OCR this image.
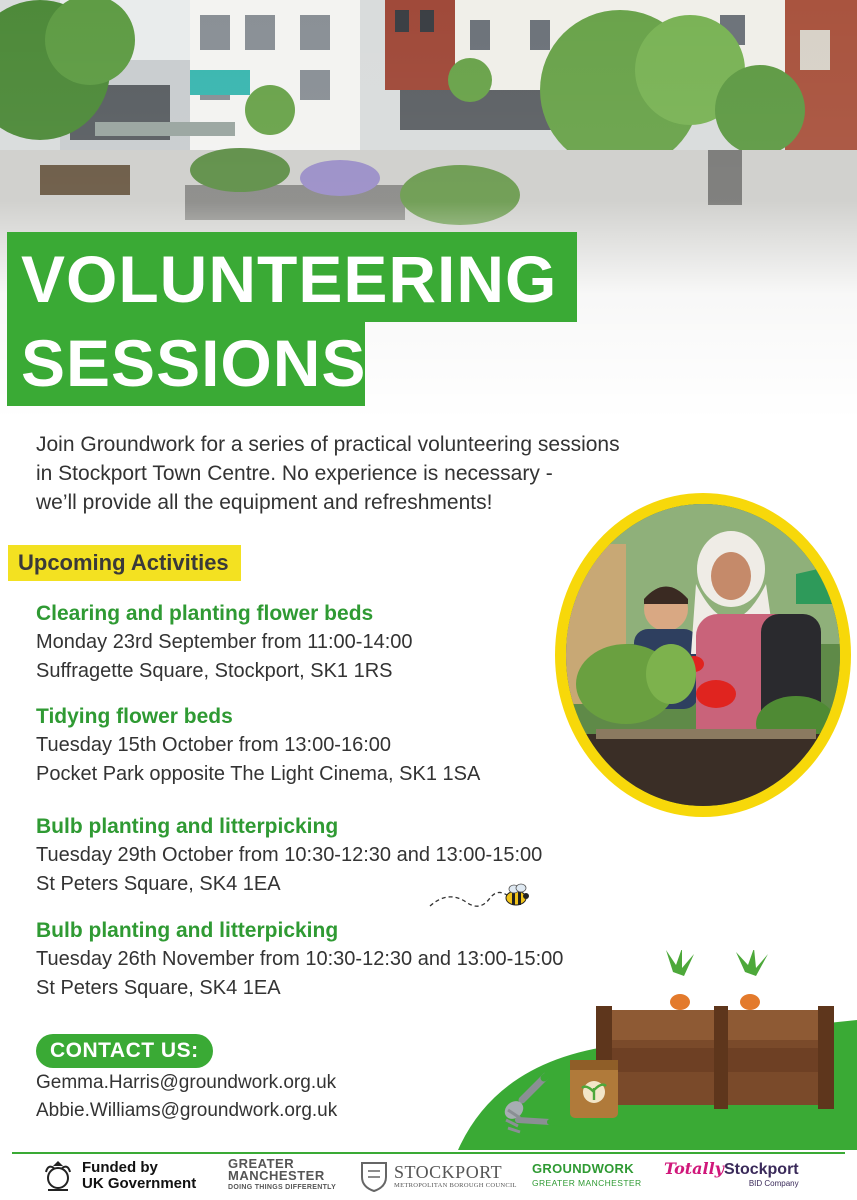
VOLUNTEERING
SESSIONS
Join Groundwork for a series of practical volunteering sessions
in Stockport Town Centre. No experience is necessary -
we’ll provide all the equipment and refreshments!
Upcoming Activities
Clearing and planting flower beds
Monday 23rd September from 11:00-14:00
Suffragette Square, Stockport, SK1 1RS
Tidying flower beds
Tuesday 15th October from 13:00-16:00
Pocket Park opposite The Light Cinema, SK1 1SA
Bulb planting and litterpicking
Tuesday 29th October from 10:30-12:30 and 13:00-15:00
St Peters Square, SK4 1EA
Bulb planting and litterpicking
Tuesday 26th November from 10:30-12:30 and 13:00-15:00
St Peters Square, SK4 1EA
CONTACT US:
Gemma.Harris@groundwork.org.uk
Abbie.Williams@groundwork.org.uk
Funded by
UK Government
GREATER
MANCHESTER
DOING THINGS DIFFERENTLY
STOCKPORT
METROPOLITAN BOROUGH COUNCIL
GROUNDWORK
GREATER MANCHESTER
TotallyStockport
BID Company
